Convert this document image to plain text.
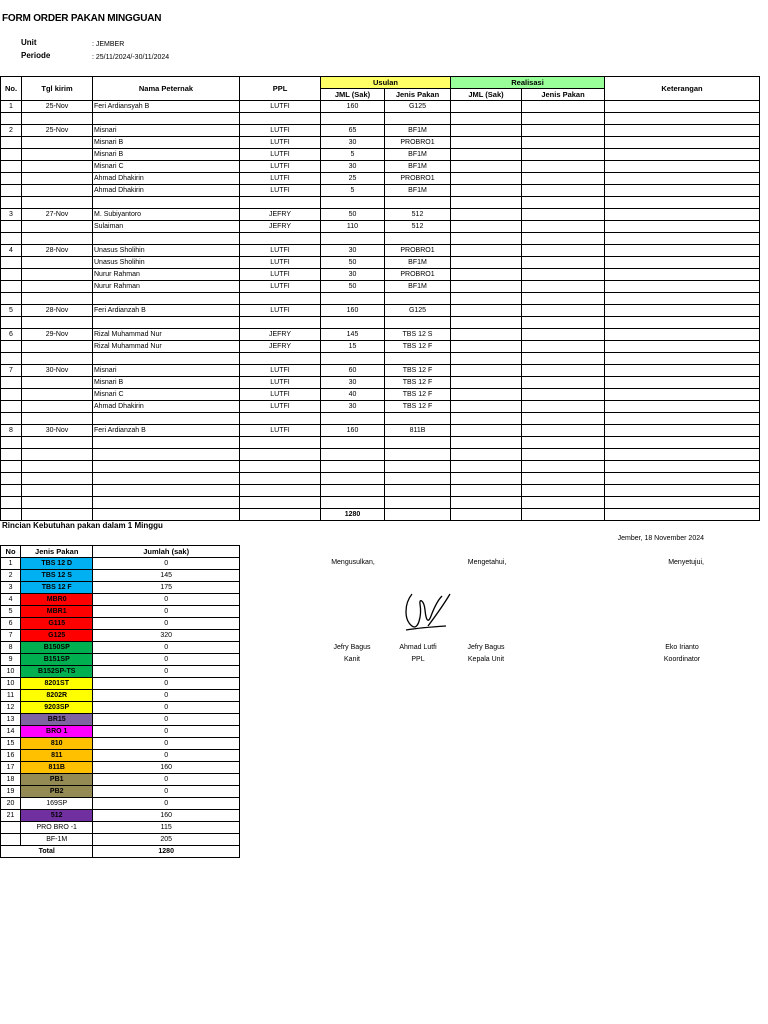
FORM ORDER PAKAN MINGGUAN
Unit	: JEMBER
Periode	: 25/11/2024/-30/11/2024
No.	Tgl kirim	Nama Peternak	PPL	Usulan		Realisasi		Keterangan
				JML (Sak)	Jenis Pakan	JML (Sak)	Jenis Pakan	
1	25-Nov	Feri Ardiansyah B	LUTFI	160	G125			

2	25-Nov	Misnari	LUTFI	65	BF1M			
		Misnari B	LUTFI	30	PROBRO1			
		Misnari B	LUTFI	5	BF1M			
		Misnari C	LUTFI	30	BF1M			
		Ahmad Dhakirin	LUTFI	25	PROBRO1			
		Ahmad Dhakirin	LUTFI	5	BF1M			

3	27-Nov	M. Subiyantoro	JEFRY	50	512			
		Sulaiman	JEFRY	110	512			

4	28-Nov	Unasus Sholihin	LUTFI	30	PROBRO1			
		Unasus Sholihin	LUTFI	50	BF1M			
		Nurur Rahman	LUTFI	30	PROBRO1			
		Nurur Rahman	LUTFI	50	BF1M			

5	28-Nov	Feri Ardianzah B	LUTFI	160	G125			

6	29-Nov	Rizal Muhammad Nur	JEFRY	145	TBS 12 S			
		Rizal Muhammad Nur	JEFRY	15	TBS 12 F			

7	30-Nov	Misnari	LUTFI	60	TBS 12 F			
		Misnari B	LUTFI	30	TBS 12 F			
		Misnari C	LUTFI	40	TBS 12 F			
		Ahmad Dhakirin	LUTFI	30	TBS 12 F			

8	30-Nov	Feri Ardianzah B	LUTFI	160	811B			

				1280				
Rincian Kebutuhan pakan dalam 1 Minggu
No	Jenis Pakan	Jumlah (sak)
1	TBS 12 D	0
2	TBS 12 S	145
3	TBS 12 F	175
4	MBR0	0
5	MBR1	0
6	G115	0
7	G125	320
8	B150SP	0
9	B151SP	0
10	B152SP-TS	0
10	8201ST	0
11	8202R	0
12	9203SP	0
13	BR15	0
14	BRO 1	0
15	810	0
16	811	0
17	811B	160
18	PB1	0
19	PB2	0
20	169SP	0
21	512	160
	PRO BRO -1	115
	BF-1M	205
Total		1280
Jember, 18 November 2024
Mengusulkan,	Mengetahui,	Menyetujui,
Jefry Bagus
Kanit
Ahmad Lutfi
PPL
Jefry Bagus
Kepala Unit
Eko Irianto
Koordinator
